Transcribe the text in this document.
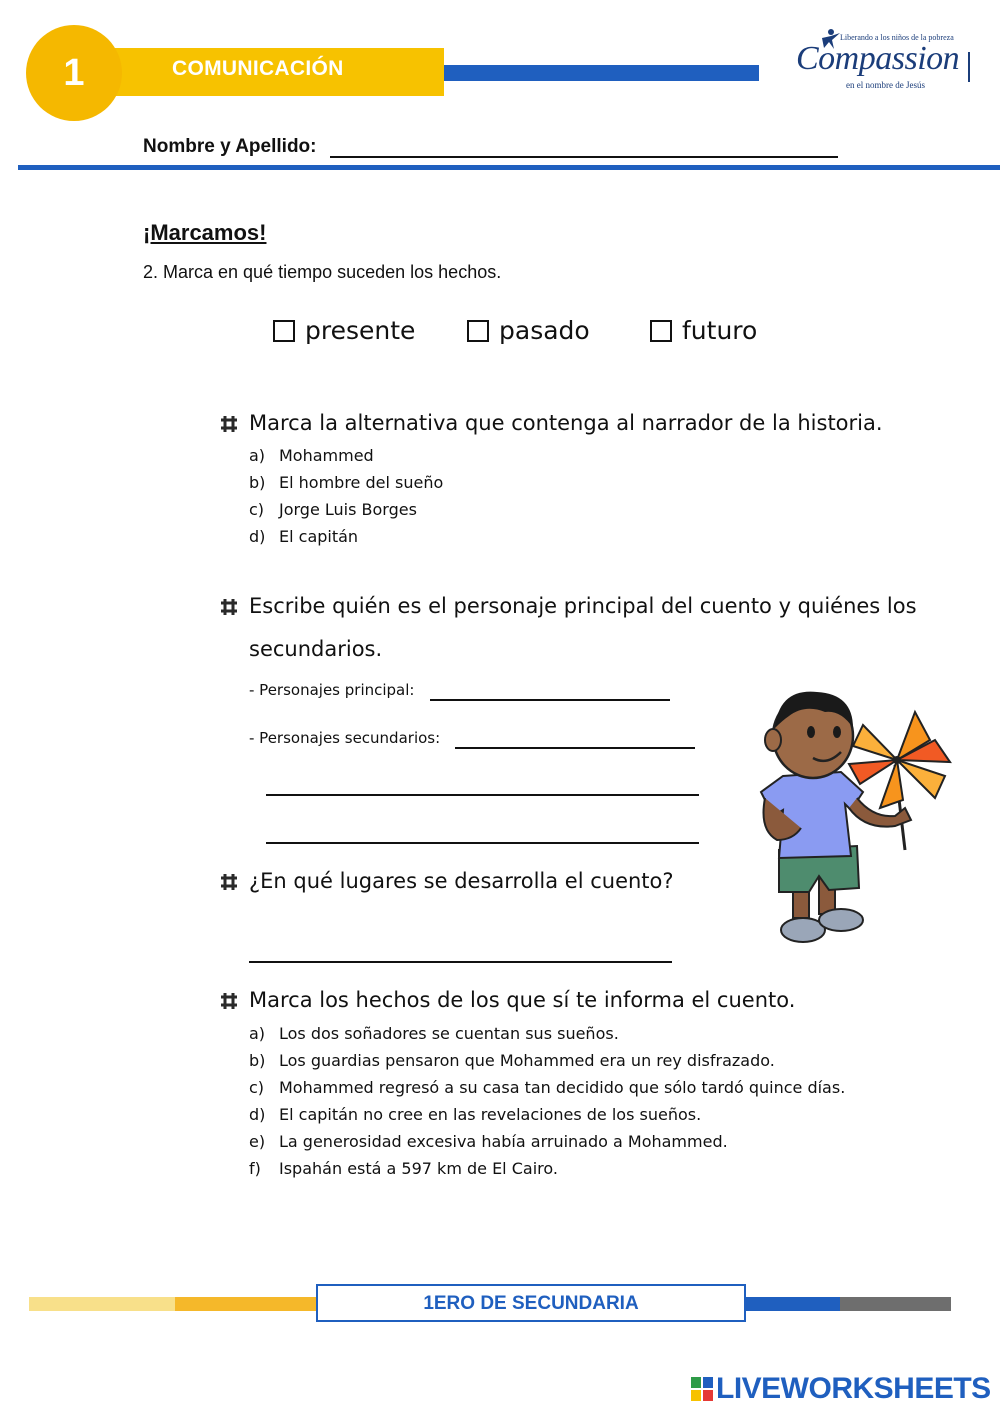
1	COMUNICACIÓN
Liberando a los niños de la pobreza
Compassion
en el nombre de Jesús
Nombre y Apellido:
¡Marcamos!
2. Marca en qué tiempo suceden los hechos.
presente	pasado	futuro
Marca la alternativa que contenga al narrador de la historia.
a) Mohammed
b) El hombre del sueño
c) Jorge Luis Borges
d) El capitán
Escribe quién es el personaje principal del cuento y quiénes los
secundarios.
- Personajes principal:
- Personajes secundarios:
¿En qué lugares se desarrolla el cuento?
Marca los hechos de los que sí te informa el cuento.
a) Los dos soñadores se cuentan sus sueños.
b) Los guardias pensaron que Mohammed era un rey disfrazado.
c) Mohammed regresó a su casa tan decidido que sólo tardó quince días.
d) El capitán no cree en las revelaciones de los sueños.
e) La generosidad excesiva había arruinado a Mohammed.
f) Ispahán está a 597 km de El Cairo.
1ERO DE SECUNDARIA
LIVEWORKSHEETS
